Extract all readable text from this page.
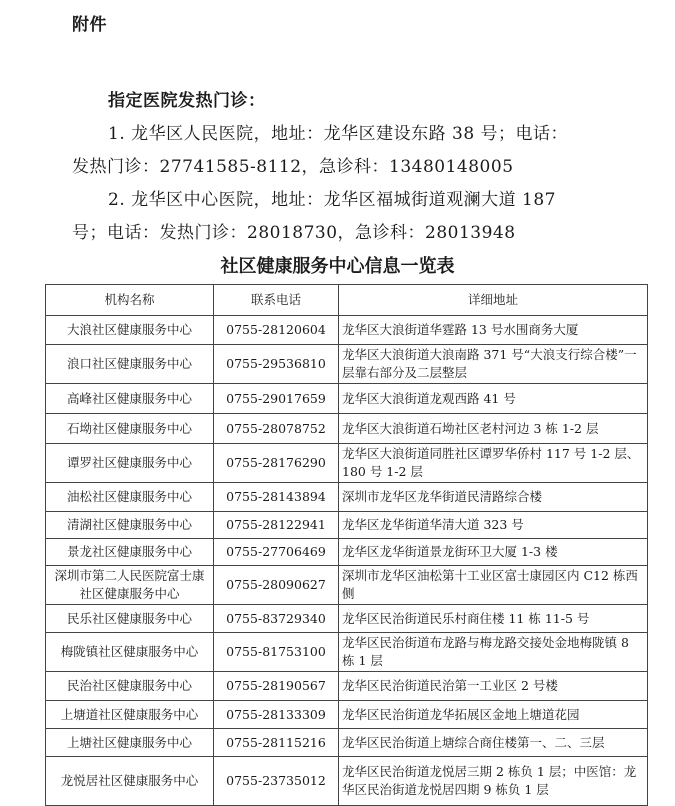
附件
指定医院发热门诊：
1. 龙华区人民医院，地址：龙华区建设东路 38 号；电话：
发热门诊：27741585-8112，急诊科：13480148005
2. 龙华区中心医院，地址：龙华区福城街道观澜大道 187
号；电话：发热门诊：28018730，急诊科：28013948
社区健康服务中心信息一览表
机构名称	联系电话	详细地址
大浪社区健康服务中心	0755-28120604	龙华区大浪街道华霆路 13 号水围商务大厦
浪口社区健康服务中心	0755-29536810	龙华区大浪街道大浪南路 371 号“大浪支行综合楼”一层靠右部分及二层整层
高峰社区健康服务中心	0755-29017659	龙华区大浪街道龙观西路 41 号
石坳社区健康服务中心	0755-28078752	龙华区大浪街道石坳社区老村河边 3 栋 1-2 层
谭罗社区健康服务中心	0755-28176290	龙华区大浪街道同胜社区谭罗华侨村 117 号 1-2 层、180 号 1-2 层
油松社区健康服务中心	0755-28143894	深圳市龙华区龙华街道民清路综合楼
清湖社区健康服务中心	0755-28122941	龙华区龙华街道华清大道 323 号
景龙社区健康服务中心	0755-27706469	龙华区龙华街道景龙街环卫大厦 1-3 楼
深圳市第二人民医院富士康社区健康服务中心	0755-28090627	深圳市龙华区油松第十工业区富士康园区内 C12 栋西侧
民乐社区健康服务中心	0755-83729340	龙华区民治街道民乐村商住楼 11 栋 11-5 号
梅陇镇社区健康服务中心	0755-81753100	龙华区民治街道布龙路与梅龙路交接处金地梅陇镇 8 栋 1 层
民治社区健康服务中心	0755-28190567	龙华区民治街道民治第一工业区 2 号楼
上塘道社区健康服务中心	0755-28133309	龙华区民治街道龙华拓展区金地上塘道花园
上塘社区健康服务中心	0755-28115216	龙华区民治街道上塘综合商住楼第一、二、三层
龙悦居社区健康服务中心	0755-23735012	龙华区民治街道龙悦居三期 2 栋负 1 层；中医馆：龙华区民治街道龙悦居四期 9 栋负 1 层
